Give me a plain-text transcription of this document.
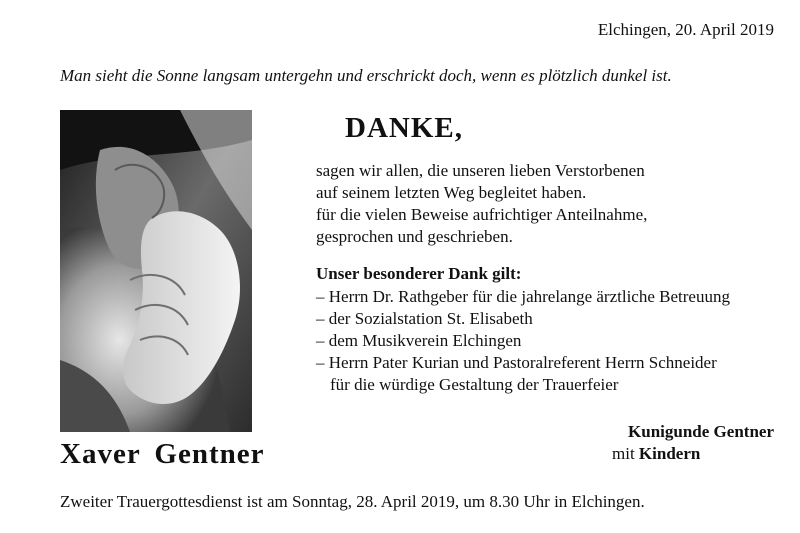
Elchingen, 20. April 2019
Man sieht die Sonne langsam untergehn und erschrickt doch, wenn es plötzlich dunkel ist.
Xaver Gentner
DANKE,
sagen wir allen, die unseren lieben Verstorbenen
auf seinem letzten Weg begleitet haben.
für die vielen Beweise aufrichtiger Anteilnahme,
gesprochen und geschrieben.
Unser besonderer Dank gilt:
– Herrn Dr. Rathgeber für die jahrelange ärztliche Betreuung
– der Sozialstation St. Elisabeth
– dem Musikverein Elchingen
– Herrn Pater Kurian und Pastoralreferent Herrn Schneider
für die würdige Gestaltung der Trauerfeier
Kunigunde Gentner
mit Kindern
Zweiter Trauergottesdienst ist am Sonntag, 28. April 2019, um 8.30 Uhr in Elchingen.
